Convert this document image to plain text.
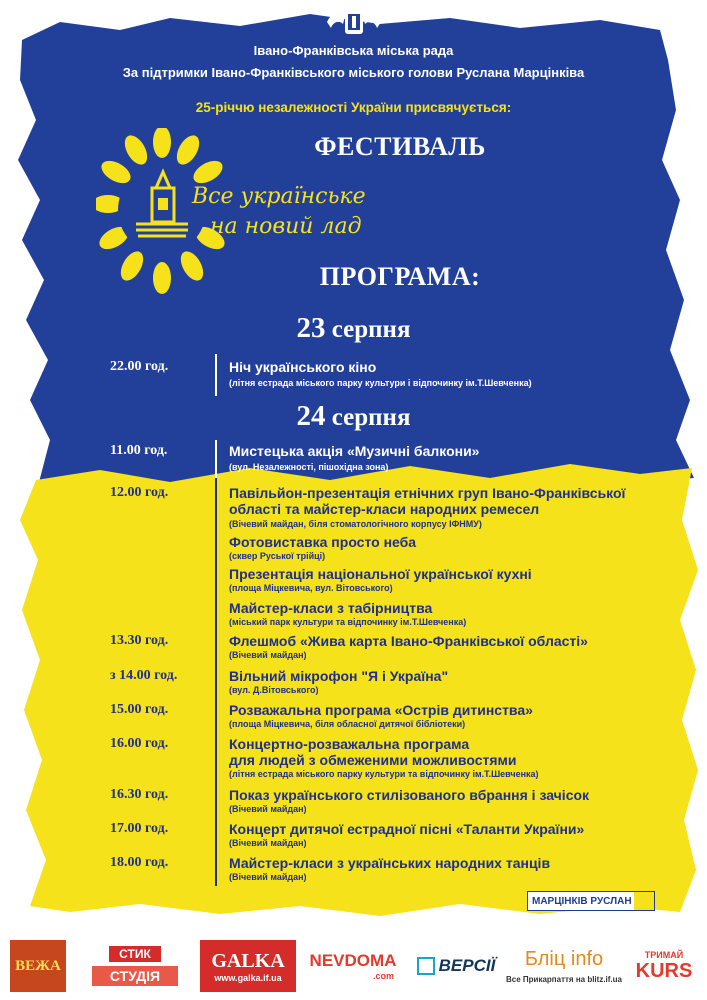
Івано-Франківська міська рада
За підтримки Івано-Франківського міського голови Руслана Марцінківа
25-річчю незалежності України присвячується:
ФЕСТИВАЛЬ
Все українське
на новий лад
ПРОГРАМА:
23 серпня
22.00 год.	Ніч українського кіно
(літня естрада міського парку культури і відпочинку ім.Т.Шевченка)
24 серпня
11.00 год.	Мистецька акція «Музичні балкони»
(вул. Незалежності, пішохідна зона)
12.00 год.	Павільйон-презентація етнічних груп Івано-Франківської
області та майстер-класи народних ремесел
(Вічевий майдан, біля стоматологічного корпусу ІФНМУ)
Фотовиставка просто неба
(сквер Руської трійці)
Презентація національної української кухні
(площа Міцкевича, вул. Вітовського)
Майстер-класи з табірництва
(міський парк культури та відпочинку ім.Т.Шевченка)
13.30 год.	Флешмоб «Жива карта Івано-Франківської області»
(Вічевий майдан)
з 14.00 год.	Вільний мікрофон "Я і Україна"
(вул. Д.Вітовського)
15.00 год.	Розважальна програма «Острів дитинства»
(площа Міцкевича, біля обласної дитячої бібліотеки)
16.00 год.	Концертно-розважальна програма
для людей з обмеженими можливостями
(літня естрада міського парку культури та відпочинку ім.Т.Шевченка)
16.30 год.	Показ українського стилізованого вбрання і зачісок
(Вічевий майдан)
17.00 год.	Концерт дитячої естрадної пісні «Таланти України»
(Вічевий майдан)
18.00 год.	Майстер-класи з українських народних танців
(Вічевий майдан)
МАРЦІНКІВ РУСЛАН
ВЕЖА
СТИК
СТУДІЯ
GALKA
www.galka.if.ua
NEVDOMA
.com
ВЕРСІЇ Бліц info
Все Прикарпаття на blitz.if.ua
ТРИМАЙ
KURS
